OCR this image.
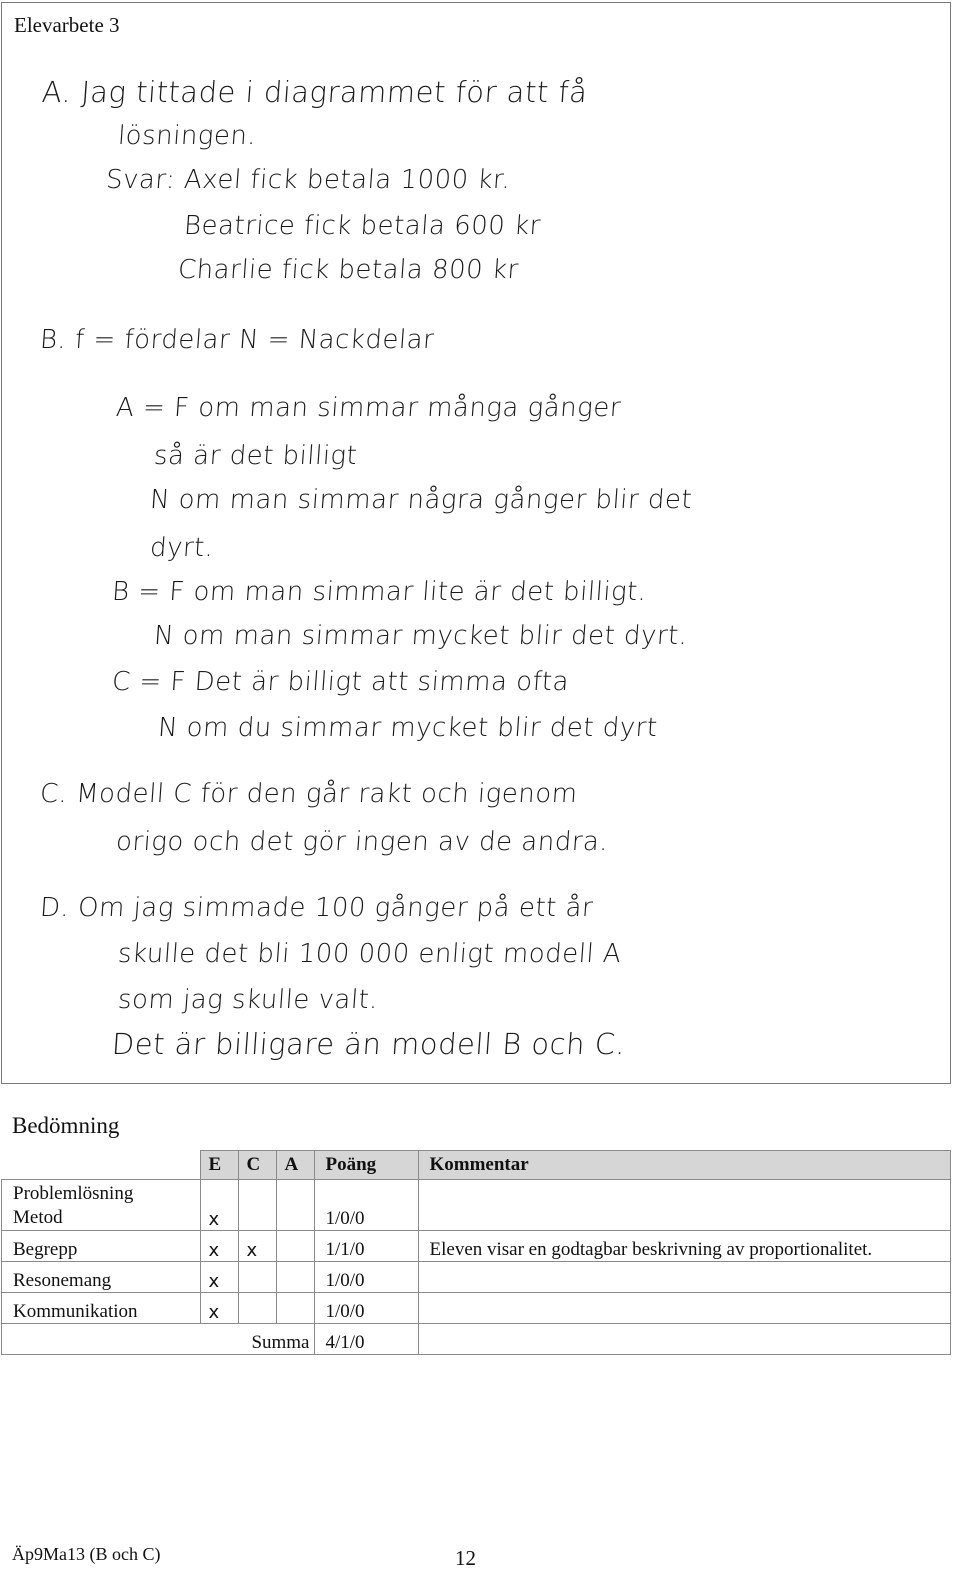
Elevarbete 3
A. Jag tittade i diagrammet för att få
lösningen.
Svar: Axel fick betala 1000 kr.
Beatrice fick betala 600 kr
Charlie fick betala 800 kr
B. f = fördelar N = Nackdelar
A = F om man simmar många gånger
så är det billigt
N om man simmar några gånger blir det
dyrt.
B = F om man simmar lite är det billigt.
N om man simmar mycket blir det dyrt.
C = F Det är billigt att simma ofta
N om du simmar mycket blir det dyrt
C. Modell C för den går rakt och igenom
origo och det gör ingen av de andra.
D. Om jag simmade 100 gånger på ett år
skulle det bli 100 000 enligt modell A
som jag skulle valt.
Det är billigare än modell B och C.
Bedömning
	E	C	A	Poäng	Kommentar
Problemlösning
Metod	x			1/0/0	
Begrepp	x	x		1/1/0	Eleven visar en godtagbar beskrivning av proportionalitet.
Resonemang	x			1/0/0	
Kommunikation	x			1/0/0	
	Summa			4/1/0	
Äp9Ma13 (B och C)	12
